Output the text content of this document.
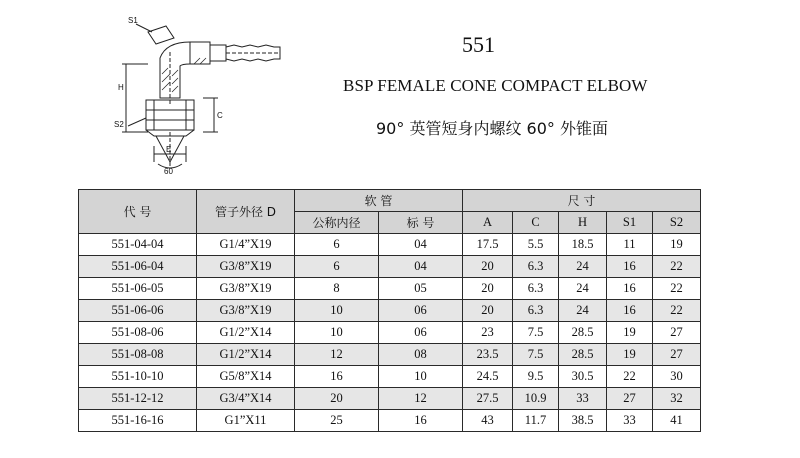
S1
S2
H
C
E
60
551
BSP FEMALE CONE COMPACT ELBOW
90° 英管短身内螺纹 60° 外锥面
代 号	管子外径 D	软 管		尺 寸				
		公称内径	标 号	A	C	H	S1	S2
551-04-04	G1/4”X19	6	04	17.5	5.5	18.5	11	19
551-06-04	G3/8”X19	6	04	20	6.3	24	16	22
551-06-05	G3/8”X19	8	05	20	6.3	24	16	22
551-06-06	G3/8”X19	10	06	20	6.3	24	16	22
551-08-06	G1/2”X14	10	06	23	7.5	28.5	19	27
551-08-08	G1/2”X14	12	08	23.5	7.5	28.5	19	27
551-10-10	G5/8”X14	16	10	24.5	9.5	30.5	22	30
551-12-12	G3/4”X14	20	12	27.5	10.9	33	27	32
551-16-16	G1”X11	25	16	43	11.7	38.5	33	41
